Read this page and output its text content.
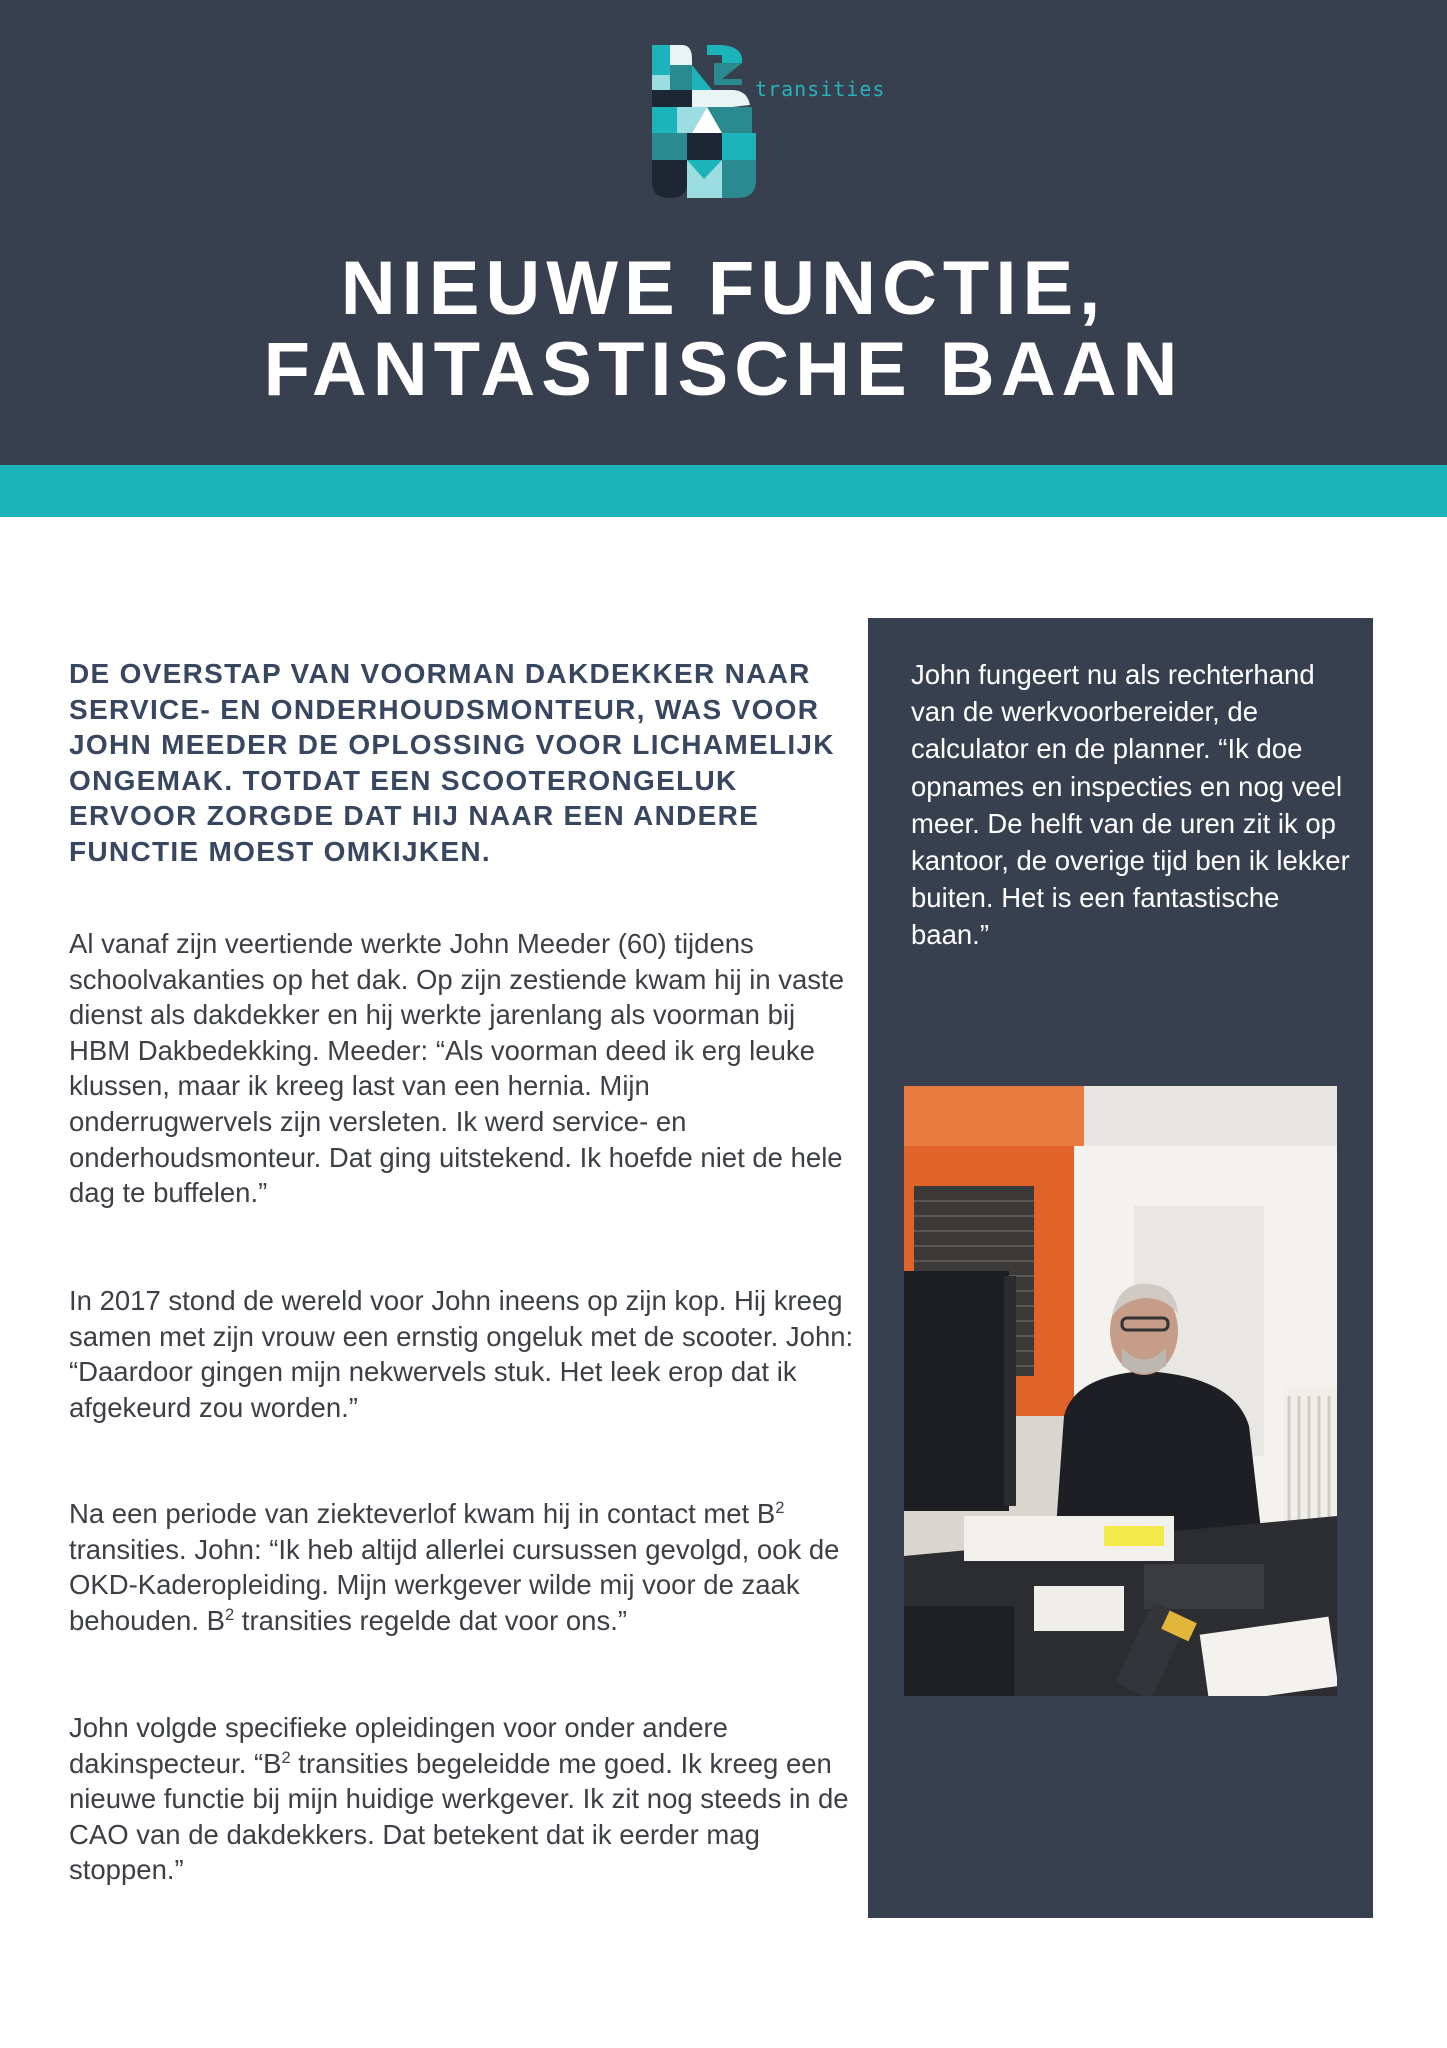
transities
NIEUWE FUNCTIE,
FANTASTISCHE BAAN
DE OVERSTAP VAN VOORMAN DAKDEKKER NAAR SERVICE- EN ONDERHOUDSMONTEUR, WAS VOOR JOHN MEEDER DE OPLOSSING VOOR LICHAMELIJK ONGEMAK. TOTDAT EEN SCOOTERONGELUK ERVOOR ZORGDE DAT HIJ NAAR EEN ANDERE FUNCTIE MOEST OMKIJKEN.
Al vanaf zijn veertiende werkte John Meeder (60) tijdens schoolvakanties op het dak. Op zijn zestiende kwam hij in vaste dienst als dakdekker en hij werkte jarenlang als voorman bij HBM Dakbedekking. Meeder: “Als voorman deed ik erg leuke klussen, maar ik kreeg last van een hernia. Mijn onderrugwervels zijn versleten. Ik werd service- en onderhoudsmonteur. Dat ging uitstekend. Ik hoefde niet de hele dag te buffelen.”
In 2017 stond de wereld voor John ineens op zijn kop. Hij kreeg samen met zijn vrouw een ernstig ongeluk met de scooter. John: “Daardoor gingen mijn nekwervels stuk. Het leek erop dat ik afgekeurd zou worden.”
Na een periode van ziekteverlof kwam hij in contact met $B^2$ transities. John: “Ik heb altijd allerlei cursussen gevolgd, ook de OKD-Kaderopleiding. Mijn werkgever wilde mij voor de zaak behouden. $B^2$ transities regelde dat voor ons.”
John volgde specifieke opleidingen voor onder andere dakinspecteur. “$B^2$ transities begeleidde me goed. Ik kreeg een nieuwe functie bij mijn huidige werkgever. Ik zit nog steeds in de CAO van de dakdekkers. Dat betekent dat ik eerder mag stoppen.”
John fungeert nu als rechterhand van de werkvoorbereider, de calculator en de planner. “Ik doe opnames en inspecties en nog veel meer. De helft van de uren zit ik op kantoor, de overige tijd ben ik lekker buiten. Het is een fantastische baan.”
